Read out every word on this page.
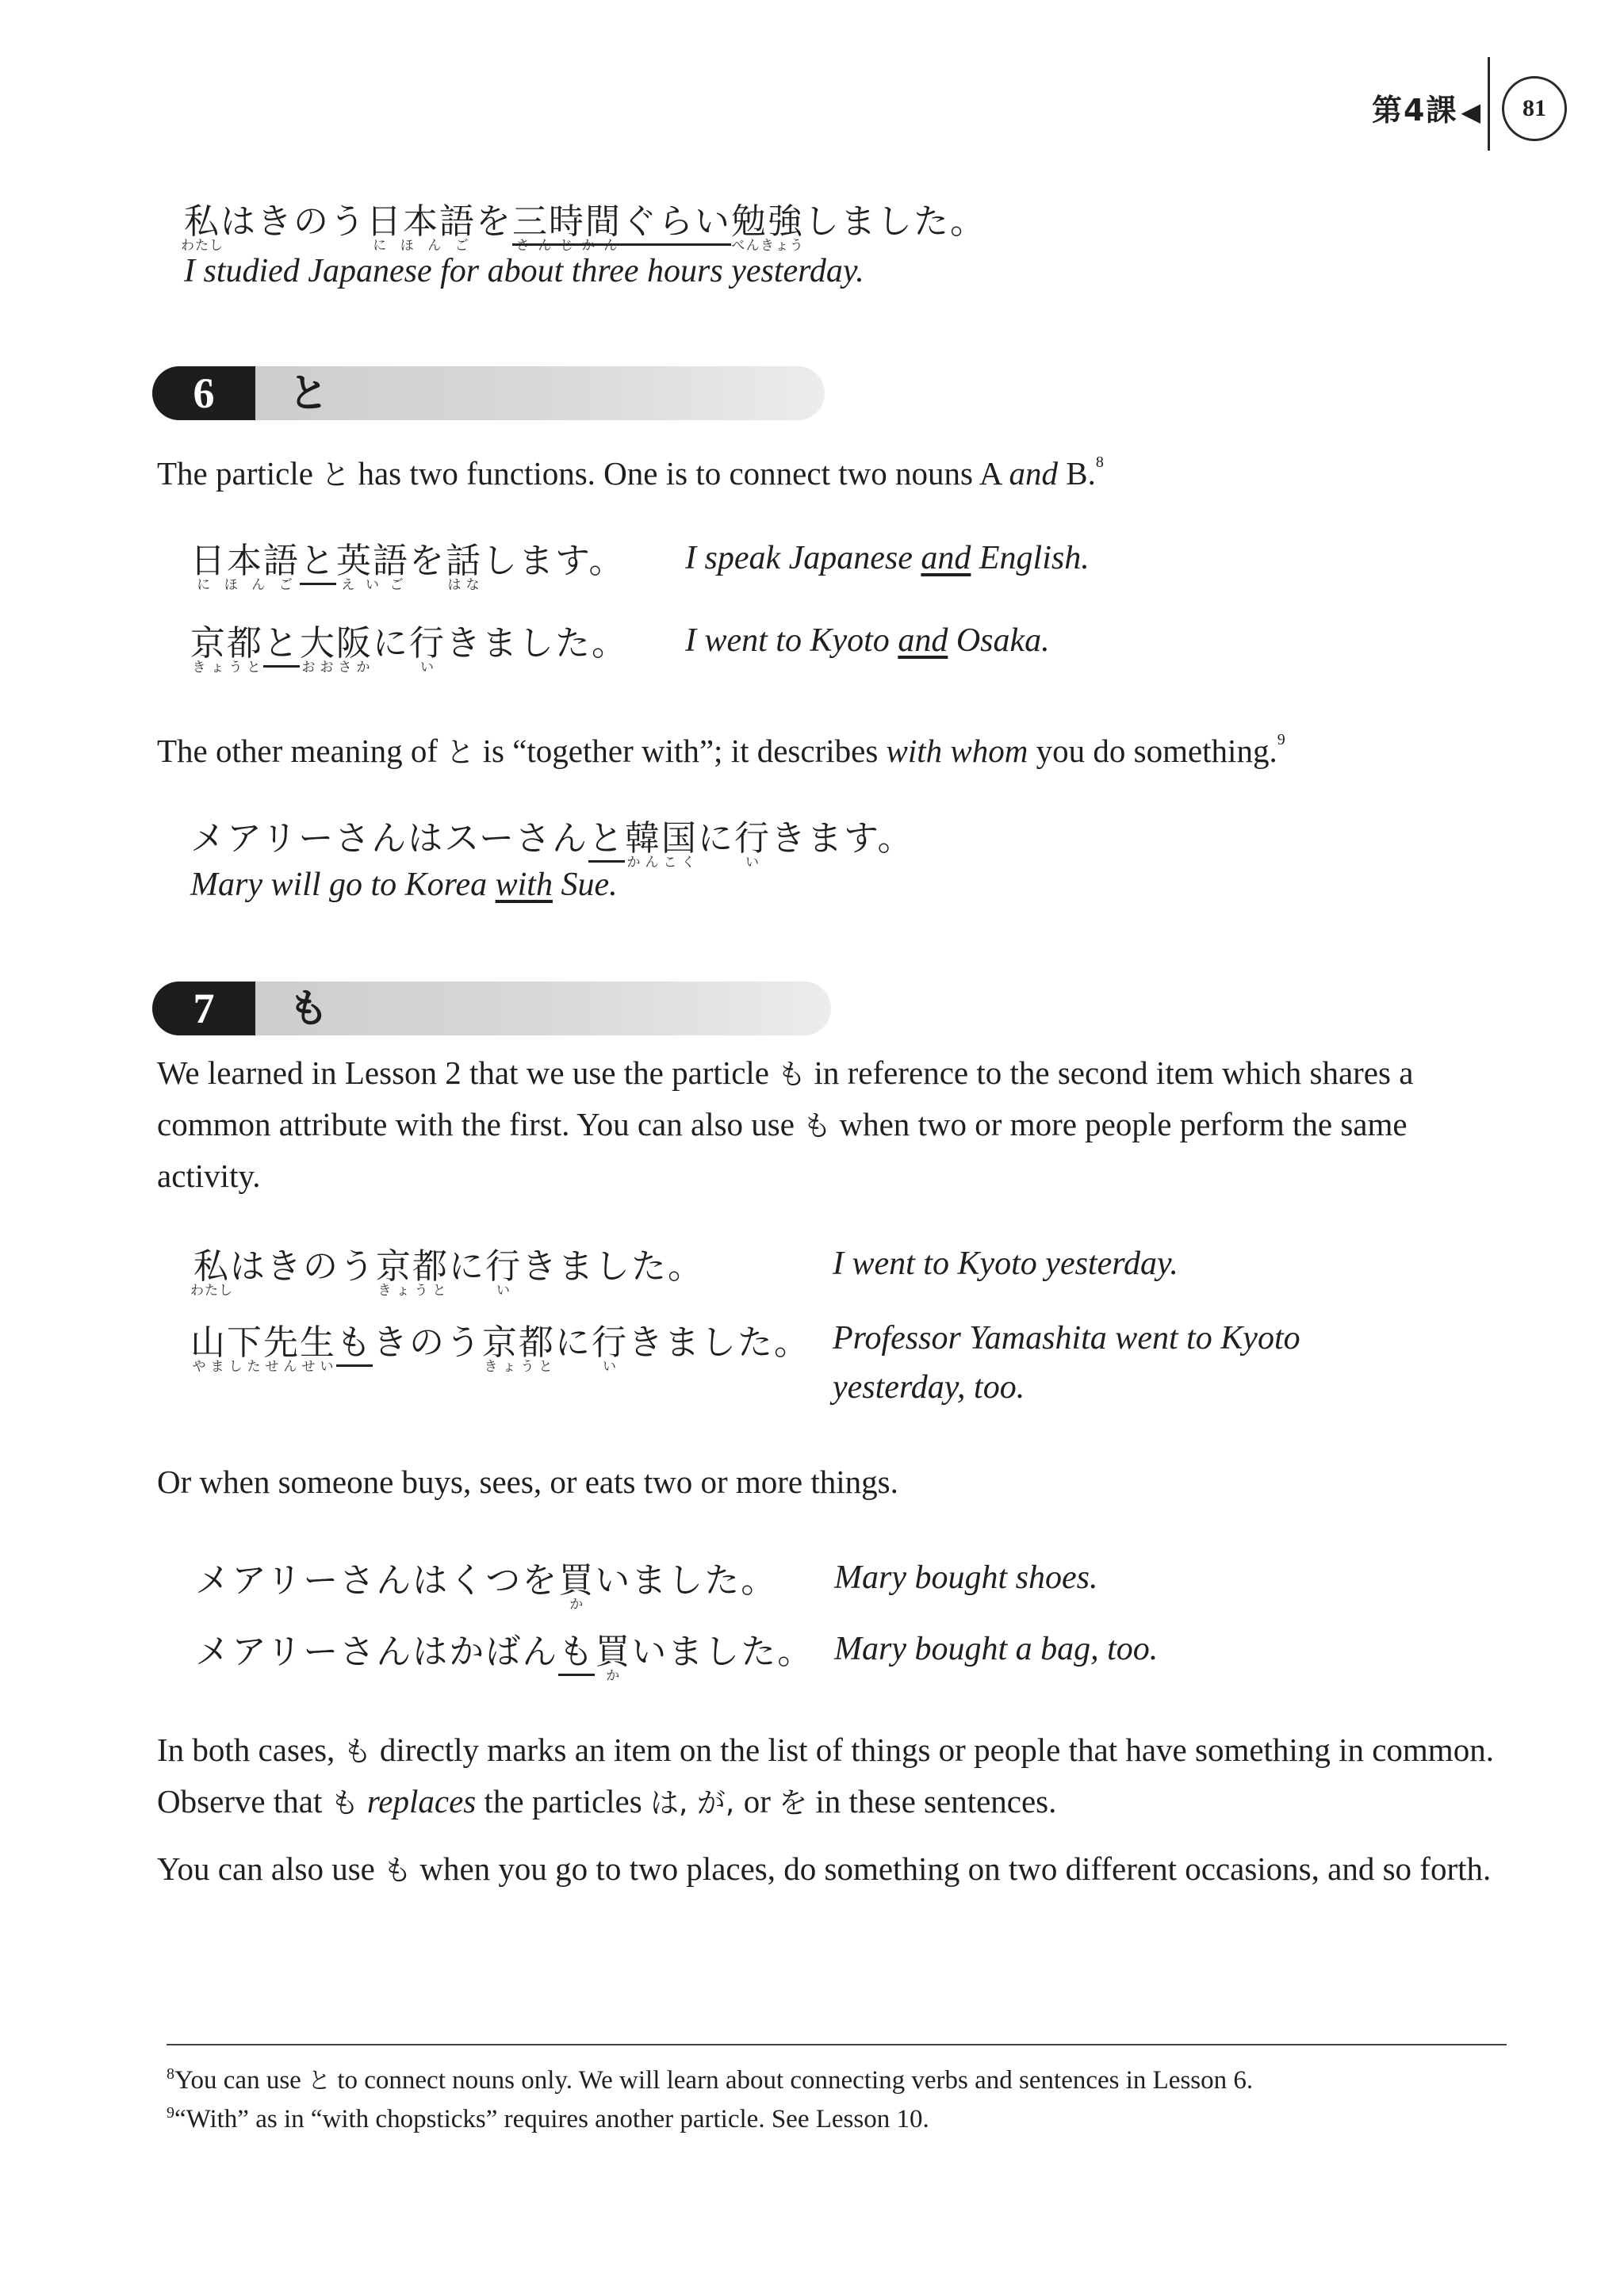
第4課 ◀	81
私わたしはきのう日本語にほんごを三時間さんじかんぐらい勉強べんきょうしました。
I studied Japanese for about three hours yesterday.
6	と
The particle と has two functions. One is to connect two nouns A and B.$^8$
日本語にほんごと英語えいごを話はなします。 I speak Japanese and English.
京都きょうとと大阪おおさかに行いきました。 I went to Kyoto and Osaka.
The other meaning of と is “together with”; it describes with whom you do something.$^9$
メアリーさんはスーさんと韓国かんこくに行いきます。
Mary will go to Korea with Sue.
7	も
We learned in Lesson 2 that we use the particle も in reference to the second item which shares a common attribute with the first. You can also use も when two or more people perform the same activity.
私わたしはきのう京都きょうとに行いきました。	I went to Kyoto yesterday.
山下先生やましたせんせいもきのう京都きょうとに行いきました。 Professor Yamashita went to Kyoto
yesterday, too.
Or when someone buys, sees, or eats two or more things.
メアリーさんはくつを買かいました。 Mary bought shoes.
メアリーさんはかばんも買かいました。 Mary bought a bag, too.
In both cases, も directly marks an item on the list of things or people that have something in common. Observe that も replaces the particles は, が, or を in these sentences.
You can also use も when you go to two places, do something on two different occasions, and so forth.
$^8$You can use と to connect nouns only. We will learn about connecting verbs and sentences in Lesson 6.
$^9$“With” as in “with chopsticks” requires another particle. See Lesson 10.
